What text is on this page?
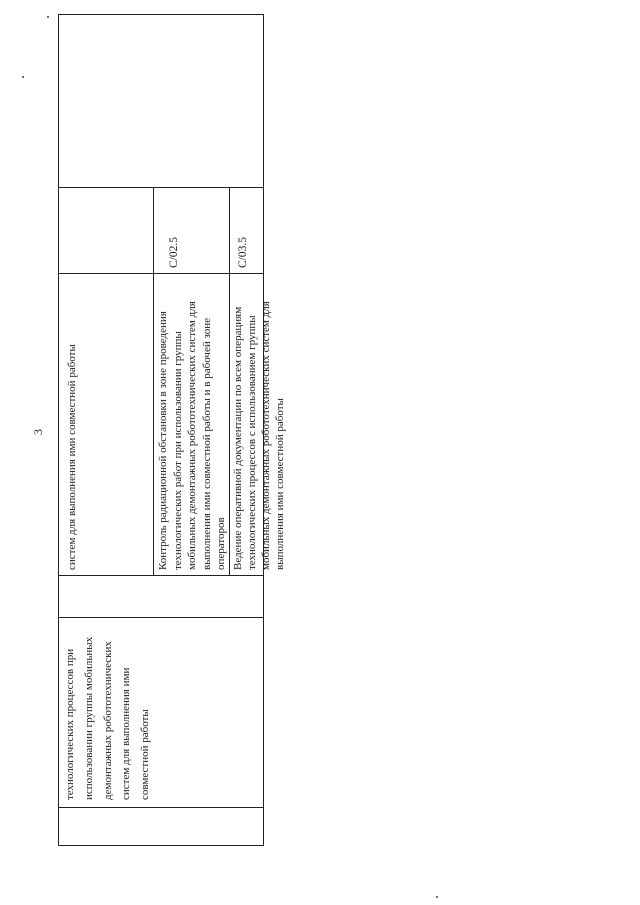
3
технологических процессов при использовании группы мобильных демонтажных робототехнических систем для выполнения ими совместной работы
систем для выполнения ими совместной работы	Контроль радиационной обстановки в зоне проведения технологических работ при использовании группы мобильных демонтажных робототехнических систем для выполнения ими совместной работы и в рабочей зоне операторов Ведение оперативной документации по всем операциям технологических процессов с использованием группы мобильных демонтажных робототехнических систем для выполнения ими совместной работы
С/02.5	С/03.5
